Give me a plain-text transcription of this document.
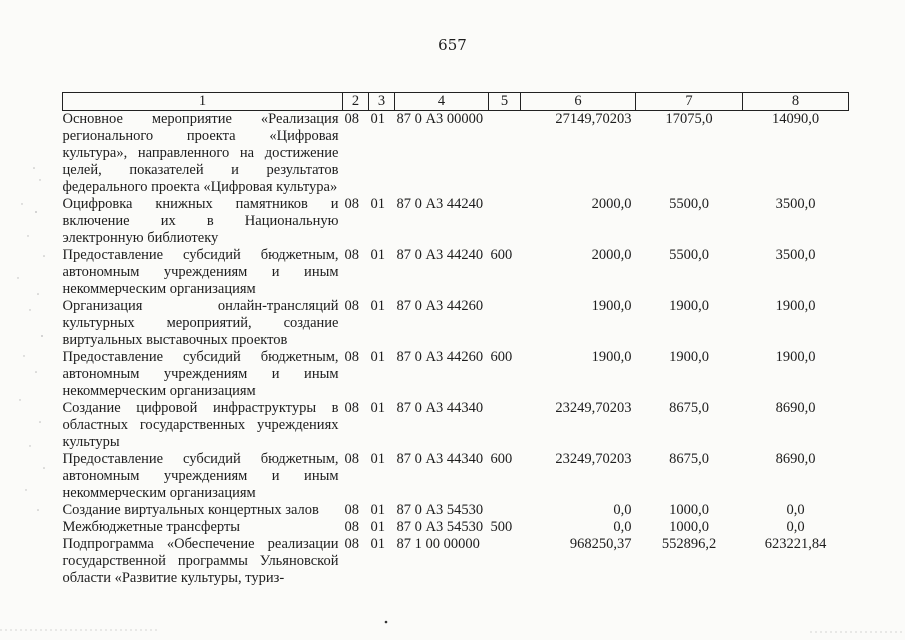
657
1	2	3	4	5	6	7	8
Основное мероприятие «Реализация регионального проекта «Цифровая культура», направленного на достижение целей, показателей и результатов федерального проекта «Цифровая культура»	08	01	87 0 А3 00000		27149,70203	17075,0	14090,0
Оцифровка книжных памятников и включение их в Национальную электронную библиотеку	08	01	87 0 А3 44240		2000,0	5500,0	3500,0
Предоставление субсидий бюджетным, автономным учреждениям и иным некоммерческим организациям	08	01	87 0 А3 44240	600	2000,0	5500,0	3500,0
Организация онлайн-трансляций культурных мероприятий, создание виртуальных выставочных проектов	08	01	87 0 А3 44260		1900,0	1900,0	1900,0
Предоставление субсидий бюджетным, автономным учреждениям и иным некоммерческим организациям	08	01	87 0 А3 44260	600	1900,0	1900,0	1900,0
Создание цифровой инфраструктуры в областных государственных учреждениях культуры	08	01	87 0 А3 44340		23249,70203	8675,0	8690,0
Предоставление субсидий бюджетным, автономным учреждениям и иным некоммерческим организациям	08	01	87 0 А3 44340	600	23249,70203	8675,0	8690,0
Создание виртуальных концертных залов	08	01	87 0 А3 54530		0,0	1000,0	0,0
Межбюджетные трансферты	08	01	87 0 А3 54530	500	0,0	1000,0	0,0
Подпрограмма «Обеспечение реализации государственной программы Ульяновской области «Развитие культуры, туриз-	08	01	87 1 00 00000		968250,37	552896,2	623221,84
